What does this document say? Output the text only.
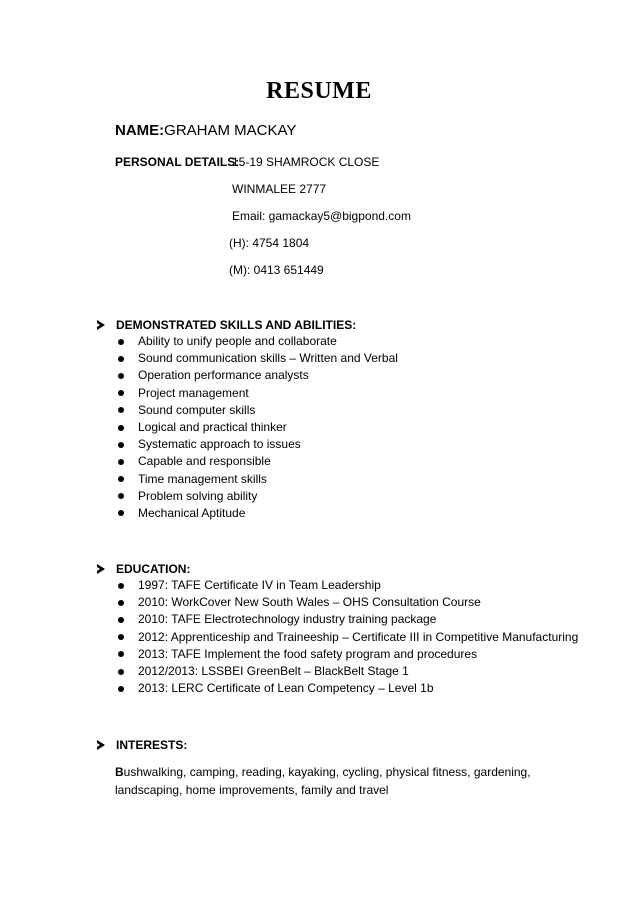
RESUME
NAME:GRAHAM MACKAY
PERSONAL DETAILS:
15-19 SHAMROCK CLOSE
WINMALEE 2777
Email: gamackay5@bigpond.com
(H): 4754 1804
(M): 0413 651449
DEMONSTRATED SKILLS AND ABILITIES:
Ability to unify people and collaborate
Sound communication skills – Written and Verbal
Operation performance analysts
Project management
Sound computer skills
Logical and practical thinker
Systematic approach to issues
Capable and responsible
Time management skills
Problem solving ability
Mechanical Aptitude
EDUCATION:
1997: TAFE Certificate IV in Team Leadership
2010: WorkCover New South Wales – OHS Consultation Course
2010: TAFE Electrotechnology industry training package
2012: Apprenticeship and Traineeship – Certificate III in Competitive Manufacturing
2013: TAFE Implement the food safety program and procedures
2012/2013: LSSBEI GreenBelt – BlackBelt Stage 1
2013: LERC Certificate of Lean Competency – Level 1b
INTERESTS:
Bushwalking, camping, reading, kayaking, cycling, physical fitness, gardening, landscaping, home improvements, family and travel
